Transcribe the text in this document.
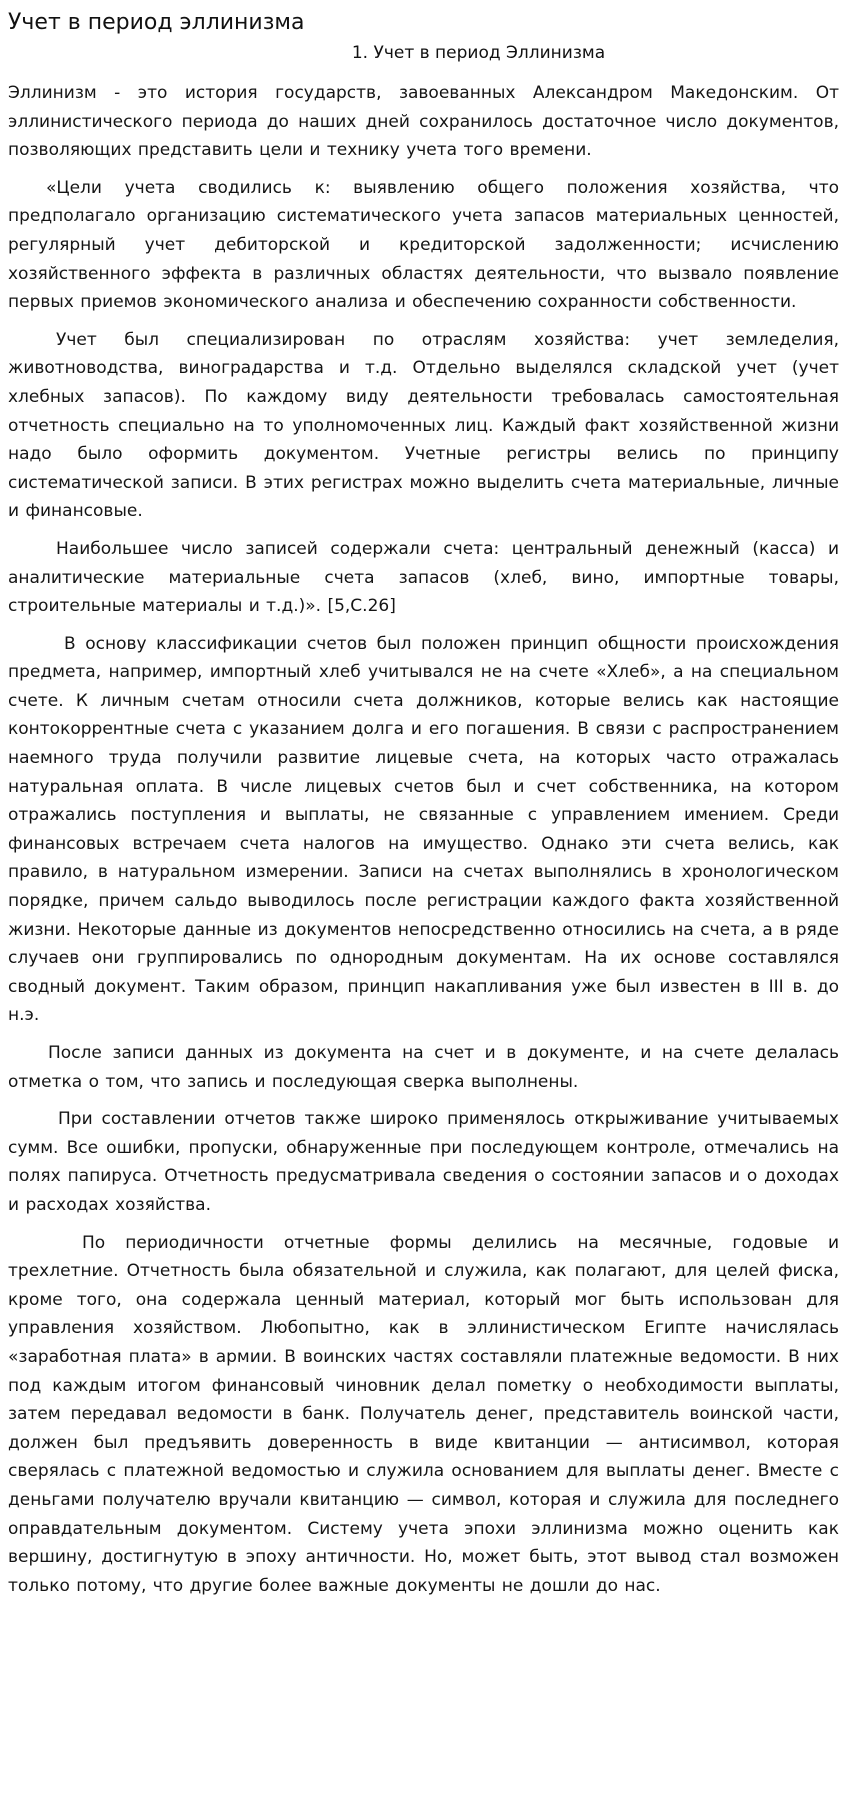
Учет в период эллинизма
1. Учет в период Эллинизма

Эллинизм - это история государств, завоеванных Александром Македонским. От эллинистического периода до наших дней сохранилось достаточное число документов, позволяющих представить цели и технику учета того времени.

«Цели учета сводились к: выявлению общего положения хозяйства, что предполагало организацию систематического учета запасов материальных ценностей, регулярный учет дебиторской и кредиторской задолженности; исчислению хозяйственного эффекта в различных областях деятельности, что вызвало появление первых приемов экономического анализа и обеспечению сохранности собственности.

Учет был специализирован по отраслям хозяйства: учет земледелия, животноводства, виноградарства и т.д. Отдельно выделялся складской учет (учет хлебных запасов). По каждому виду деятельности требовалась самостоятельная отчетность специально на то уполномоченных лиц. Каждый факт хозяйственной жизни надо было оформить документом. Учетные регистры велись по принципу систематической записи. В этих регистрах можно выделить счета материальные, личные и финансовые.

Наибольшее число записей содержали счета: центральный денежный (касса) и аналитические материальные счета запасов (хлеб, вино, импортные товары, строительные материалы и т.д.)». [5,С.26]

В основу классификации счетов был положен принцип общности происхождения предмета, например, импортный хлеб учитывался не на счете «Хлеб», а на специальном счете. К личным счетам относили счета должников, которые велись как настоящие контокоррентные счета с указанием долга и его погашения. В связи с распространением наемного труда получили развитие лицевые счета, на которых часто отражалась натуральная оплата. В числе лицевых счетов был и счет собственника, на котором отражались поступления и выплаты, не связанные с управлением имением. Среди финансовых встречаем счета налогов на имущество. Однако эти счета велись, как правило, в натуральном измерении. Записи на счетах выполнялись в хронологическом порядке, причем сальдо выводилось после регистрации каждого факта хозяйственной жизни. Некоторые данные из документов непосредственно относились на счета, а в ряде случаев они группировались по однородным документам. На их основе составлялся сводный документ. Таким образом, принцип накапливания уже был известен в III в. до н.э.

После записи данных из документа на счет и в документе, и на счете делалась отметка о том, что запись и последующая сверка выполнены.

При составлении отчетов также широко применялось открыживание учитываемых сумм. Все ошибки, пропуски, обнаруженные при последующем контроле, отмечались на полях папируса. Отчетность предусматривала сведения о состоянии запасов и о доходах и расходах хозяйства.

По периодичности отчетные формы делились на месячные, годовые и трехлетние. Отчетность была обязательной и служила, как полагают, для целей фиска, кроме того, она содержала ценный материал, который мог быть использован для управления хозяйством. Любопытно, как в эллинистическом Египте начислялась «заработная плата» в армии. В воинских частях составляли платежные ведомости. В них под каждым итогом финансовый чиновник делал пометку о необходимости выплаты, затем передавал ведомости в банк. Получатель денег, представитель воинской части, должен был предъявить доверенность в виде квитанции — антисимвол, которая сверялась с платежной ведомостью и служила основанием для выплаты денег. Вместе с деньгами получателю вручали квитанцию — символ, которая и служила для последнего оправдательным документом. Систему учета эпохи эллинизма можно оценить как вершину, достигнутую в эпоху античности. Но, может быть, этот вывод стал возможен только потому, что другие более важные документы не дошли до нас.
